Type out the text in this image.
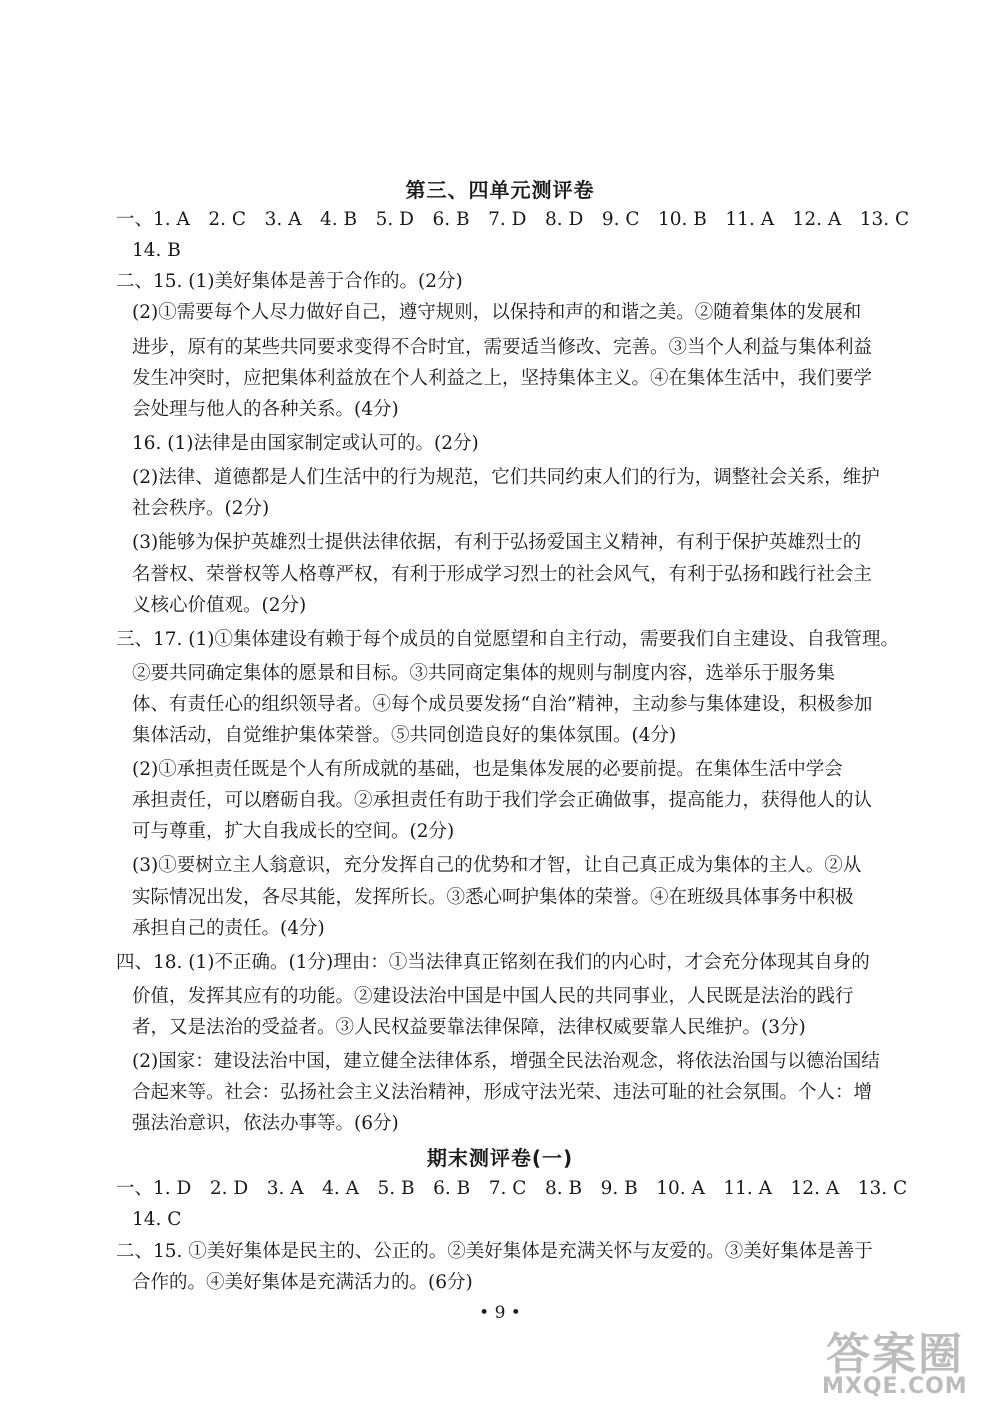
第三、四单元测评卷
一、1. A　2. C　3. A　4. B　5. D　6. B　7. D　8. D　9. C　10. B　11. A　12. A　13. C
14. B
二、15. (1)美好集体是善于合作的。(2分)
(2)①需要每个人尽力做好自己，遵守规则，以保持和声的和谐之美。②随着集体的发展和
进步，原有的某些共同要求变得不合时宜，需要适当修改、完善。③当个人利益与集体利益
发生冲突时，应把集体利益放在个人利益之上，坚持集体主义。④在集体生活中，我们要学
会处理与他人的各种关系。(4分)
16. (1)法律是由国家制定或认可的。(2分)
(2)法律、道德都是人们生活中的行为规范，它们共同约束人们的行为，调整社会关系，维护
社会秩序。(2分)
(3)能够为保护英雄烈士提供法律依据，有利于弘扬爱国主义精神，有利于保护英雄烈士的
名誉权、荣誉权等人格尊严权，有利于形成学习烈士的社会风气，有利于弘扬和践行社会主
义核心价值观。(2分)
三、17. (1)①集体建设有赖于每个成员的自觉愿望和自主行动，需要我们自主建设、自我管理。
②要共同确定集体的愿景和目标。③共同商定集体的规则与制度内容，选举乐于服务集
体、有责任心的组织领导者。④每个成员要发扬“自治”精神，主动参与集体建设，积极参加
集体活动，自觉维护集体荣誉。⑤共同创造良好的集体氛围。(4分)
(2)①承担责任既是个人有所成就的基础，也是集体发展的必要前提。在集体生活中学会
承担责任，可以磨砺自我。②承担责任有助于我们学会正确做事，提高能力，获得他人的认
可与尊重，扩大自我成长的空间。(2分)
(3)①要树立主人翁意识，充分发挥自己的优势和才智，让自己真正成为集体的主人。②从
实际情况出发，各尽其能，发挥所长。③悉心呵护集体的荣誉。④在班级具体事务中积极
承担自己的责任。(4分)
四、18. (1)不正确。(1分)理由：①当法律真正铭刻在我们的内心时，才会充分体现其自身的
价值，发挥其应有的功能。②建设法治中国是中国人民的共同事业，人民既是法治的践行
者，又是法治的受益者。③人民权益要靠法律保障，法律权威要靠人民维护。(3分)
(2)国家：建设法治中国，建立健全法律体系，增强全民法治观念，将依法治国与以德治国结
合起来等。社会：弘扬社会主义法治精神，形成守法光荣、违法可耻的社会氛围。个人：增
强法治意识，依法办事等。(6分)
期末测评卷(一)
一、1. D　2. D　3. A　4. A　5. B　6. B　7. C　8. B　9. B　10. A　11. A　12. A　13. C
14. C
二、15. ①美好集体是民主的、公正的。②美好集体是充满关怀与友爱的。③美好集体是善于
合作的。④美好集体是充满活力的。(6分)
• 9 •
答案圈
MXQE.COM
